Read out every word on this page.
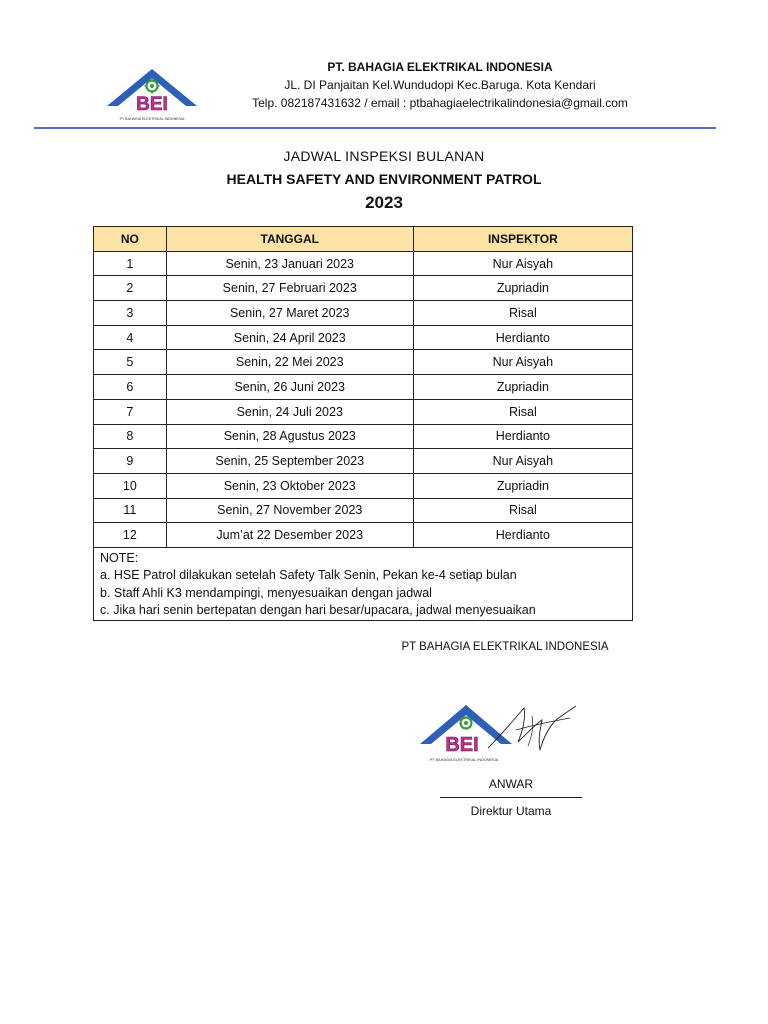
BEI
PT BAHAGIA ELEKTRIKAL INDONESIA
PT. BAHAGIA ELEKTRIKAL INDONESIA
JL. DI Panjaitan Kel.Wundudopi Kec.Baruga. Kota Kendari
Telp. 082187431632 / email : ptbahagiaelectrikalindonesia@gmail.com
JADWAL INSPEKSI BULANAN
HEALTH SAFETY AND ENVIRONMENT PATROL
2023
NO	TANGGAL	INSPEKTOR
1	Senin, 23 Januari 2023	Nur Aisyah
2	Senin, 27 Februari 2023	Zupriadin
3	Senin, 27 Maret 2023	Risal
4	Senin, 24 April 2023	Herdianto
5	Senin, 22 Mei 2023	Nur Aisyah
6	Senin, 26 Juni 2023	Zupriadin
7	Senin, 24 Juli 2023	Risal
8	Senin, 28 Agustus 2023	Herdianto
9	Senin, 25 September 2023	Nur Aisyah
10	Senin, 23 Oktober 2023	Zupriadin
11	Senin, 27 November 2023	Risal
12	Jum’at 22 Desember 2023	Herdianto

NOTE:
a. HSE Patrol dilakukan setelah Safety Talk Senin, Pekan ke-4 setiap bulan
b. Staff Ahli K3 mendampingi, menyesuaikan dengan jadwal
c. Jika hari senin bertepatan dengan hari besar/upacara, jadwal menyesuaikan		
PT BAHAGIA ELEKTRIKAL INDONESIA
BEI
PT BAHAGIA ELEKTRIKAL INDONESIA
ANWAR
Direktur Utama
